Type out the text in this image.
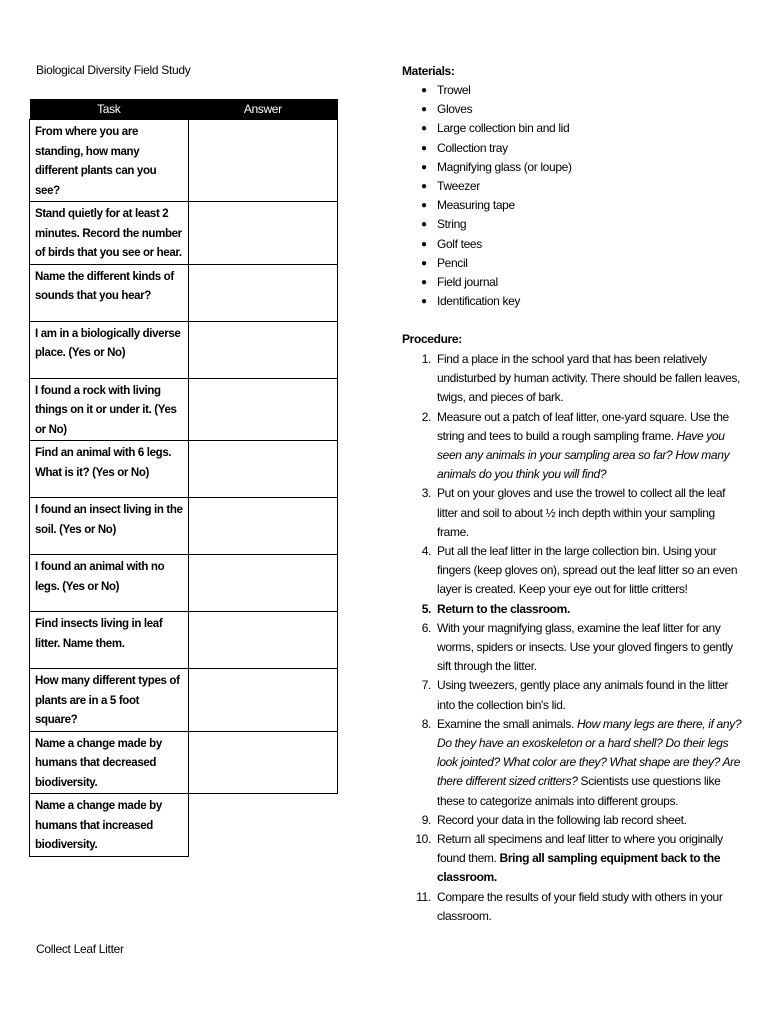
Biological Diversity Field Study
Task	Answer
From where you are standing, how many different plants can you see?	
Stand quietly for at least 2 minutes. Record the number of birds that you see or hear.	
Name the different kinds of sounds that you hear?	
I am in a biologically diverse place. (Yes or No)	
I found a rock with living things on it or under it. (Yes or No)	
Find an animal with 6 legs. What is it? (Yes or No)	
I found an insect living in the soil. (Yes or No)	
I found an animal with no legs. (Yes or No)	
Find insects living in leaf litter. Name them.	
How many different types of plants are in a 5 foot square?	
Name a change made by humans that decreased biodiversity.	
Name a change made by humans that increased biodiversity.	
Materials:
● Trowel
● Gloves
● Large collection bin and lid
● Collection tray
● Magnifying glass (or loupe)
● Tweezer
● Measuring tape
● String
● Golf tees
● Pencil
● Field journal
● Identification key
Procedure:
1. Find a place in the school yard that has been relatively undisturbed by human activity. There should be fallen leaves, twigs, and pieces of bark.
2. Measure out a patch of leaf litter, one-yard square. Use the string and tees to build a rough sampling frame. Have you seen any animals in your sampling area so far? How many animals do you think you will find?
3. Put on your gloves and use the trowel to collect all the leaf litter and soil to about ½ inch depth within your sampling frame.
4. Put all the leaf litter in the large collection bin. Using your fingers (keep gloves on), spread out the leaf litter so an even layer is created. Keep your eye out for little critters!
5. Return to the classroom.
6. With your magnifying glass, examine the leaf litter for any worms, spiders or insects. Use your gloved fingers to gently sift through the litter.
7. Using tweezers, gently place any animals found in the litter into the collection bin's lid.
8. Examine the small animals. How many legs are there, if any? Do they have an exoskeleton or a hard shell? Do their legs look jointed? What color are they? What shape are they? Are there different sized critters? Scientists use questions like these to categorize animals into different groups.
9. Record your data in the following lab record sheet.
10. Return all specimens and leaf litter to where you originally found them. Bring all sampling equipment back to the classroom.
11. Compare the results of your field study with others in your classroom.
Collect Leaf Litter
